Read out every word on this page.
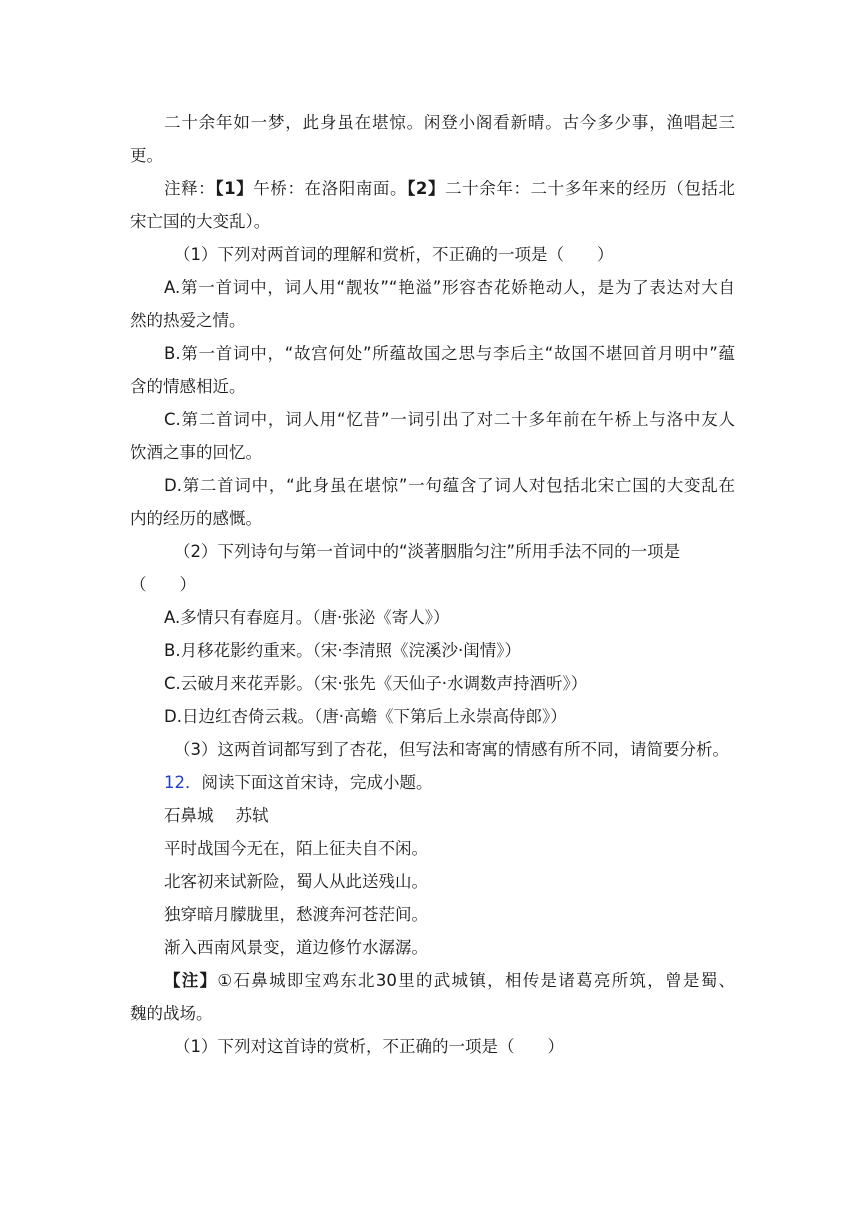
二十余年如一梦，此身虽在堪惊。闲登小阁看新晴。古今多少事，渔唱起三
更。
注释：【1】午桥：在洛阳南面。【2】二十余年：二十多年来的经历（包括北
宋亡国的大变乱）。
（1）下列对两首词的理解和赏析，不正确的一项是（　　）
A.第一首词中，词人用“靓妆”“艳溢”形容杏花娇艳动人，是为了表达对大自
然的热爱之情。
B.第一首词中，“故宫何处”所蕴故国之思与李后主“故国不堪回首月明中”蕴
含的情感相近。
C.第二首词中，词人用“忆昔”一词引出了对二十多年前在午桥上与洛中友人
饮酒之事的回忆。
D.第二首词中，“此身虽在堪惊”一句蕴含了词人对包括北宋亡国的大变乱在
内的经历的感慨。
（2）下列诗句与第一首词中的“淡著胭脂匀注”所用手法不同的一项是
（　　）
A.多情只有春庭月。（唐·张泌《寄人》）
B.月移花影约重来。（宋·李清照《浣溪沙·闺情》）
C.云破月来花弄影。（宋·张先《天仙子·水调数声持酒听》）
D.日边红杏倚云栽。（唐·高蟾《下第后上永崇高侍郎》）
（3）这两首词都写到了杏花，但写法和寄寓的情感有所不同，请简要分析。
12．阅读下面这首宋诗，完成小题。
石鼻城 苏轼
平时战国今无在，陌上征夫自不闲。
北客初来试新险，蜀人从此送残山。
独穿暗月朦胧里，愁渡奔河苍茫间。
渐入西南风景变，道边修竹水潺潺。
【注】①石鼻城即宝鸡东北30里的武城镇，相传是诸葛亮所筑，曾是蜀、
魏的战场。
（1）下列对这首诗的赏析，不正确的一项是（　　）
